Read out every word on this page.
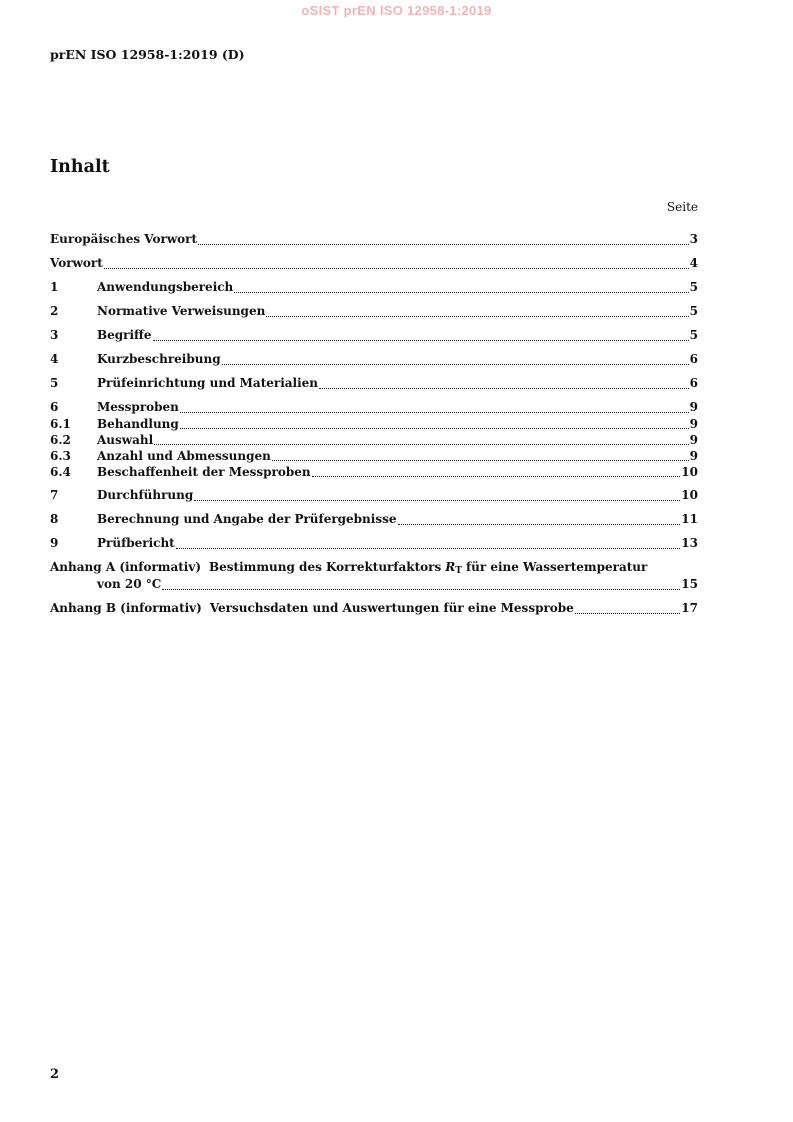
oSIST prEN ISO 12958-1:2019
prEN ISO 12958-1:2019 (D)
Inhalt
Seite
Europäisches Vorwort	3
Vorwort	4
1	Anwendungsbereich	5
2	Normative Verweisungen	5
3	Begriffe	5
4	Kurzbeschreibung	6
5	Prüfeinrichtung und Materialien	6
6	Messproben	9
6.1	Behandlung	9
6.2	Auswahl	9
6.3	Anzahl und Abmessungen	9
6.4	Beschaffenheit der Messproben	10
7	Durchführung	10
8	Berechnung und Angabe der Prüfergebnisse	11
9	Prüfbericht	13
Anhang A (informativ) Bestimmung des Korrekturfaktors $R_T$ für eine Wassertemperatur
von 20 °C	15
Anhang B (informativ) Versuchsdaten und Auswertungen für eine Messprobe	17
2
